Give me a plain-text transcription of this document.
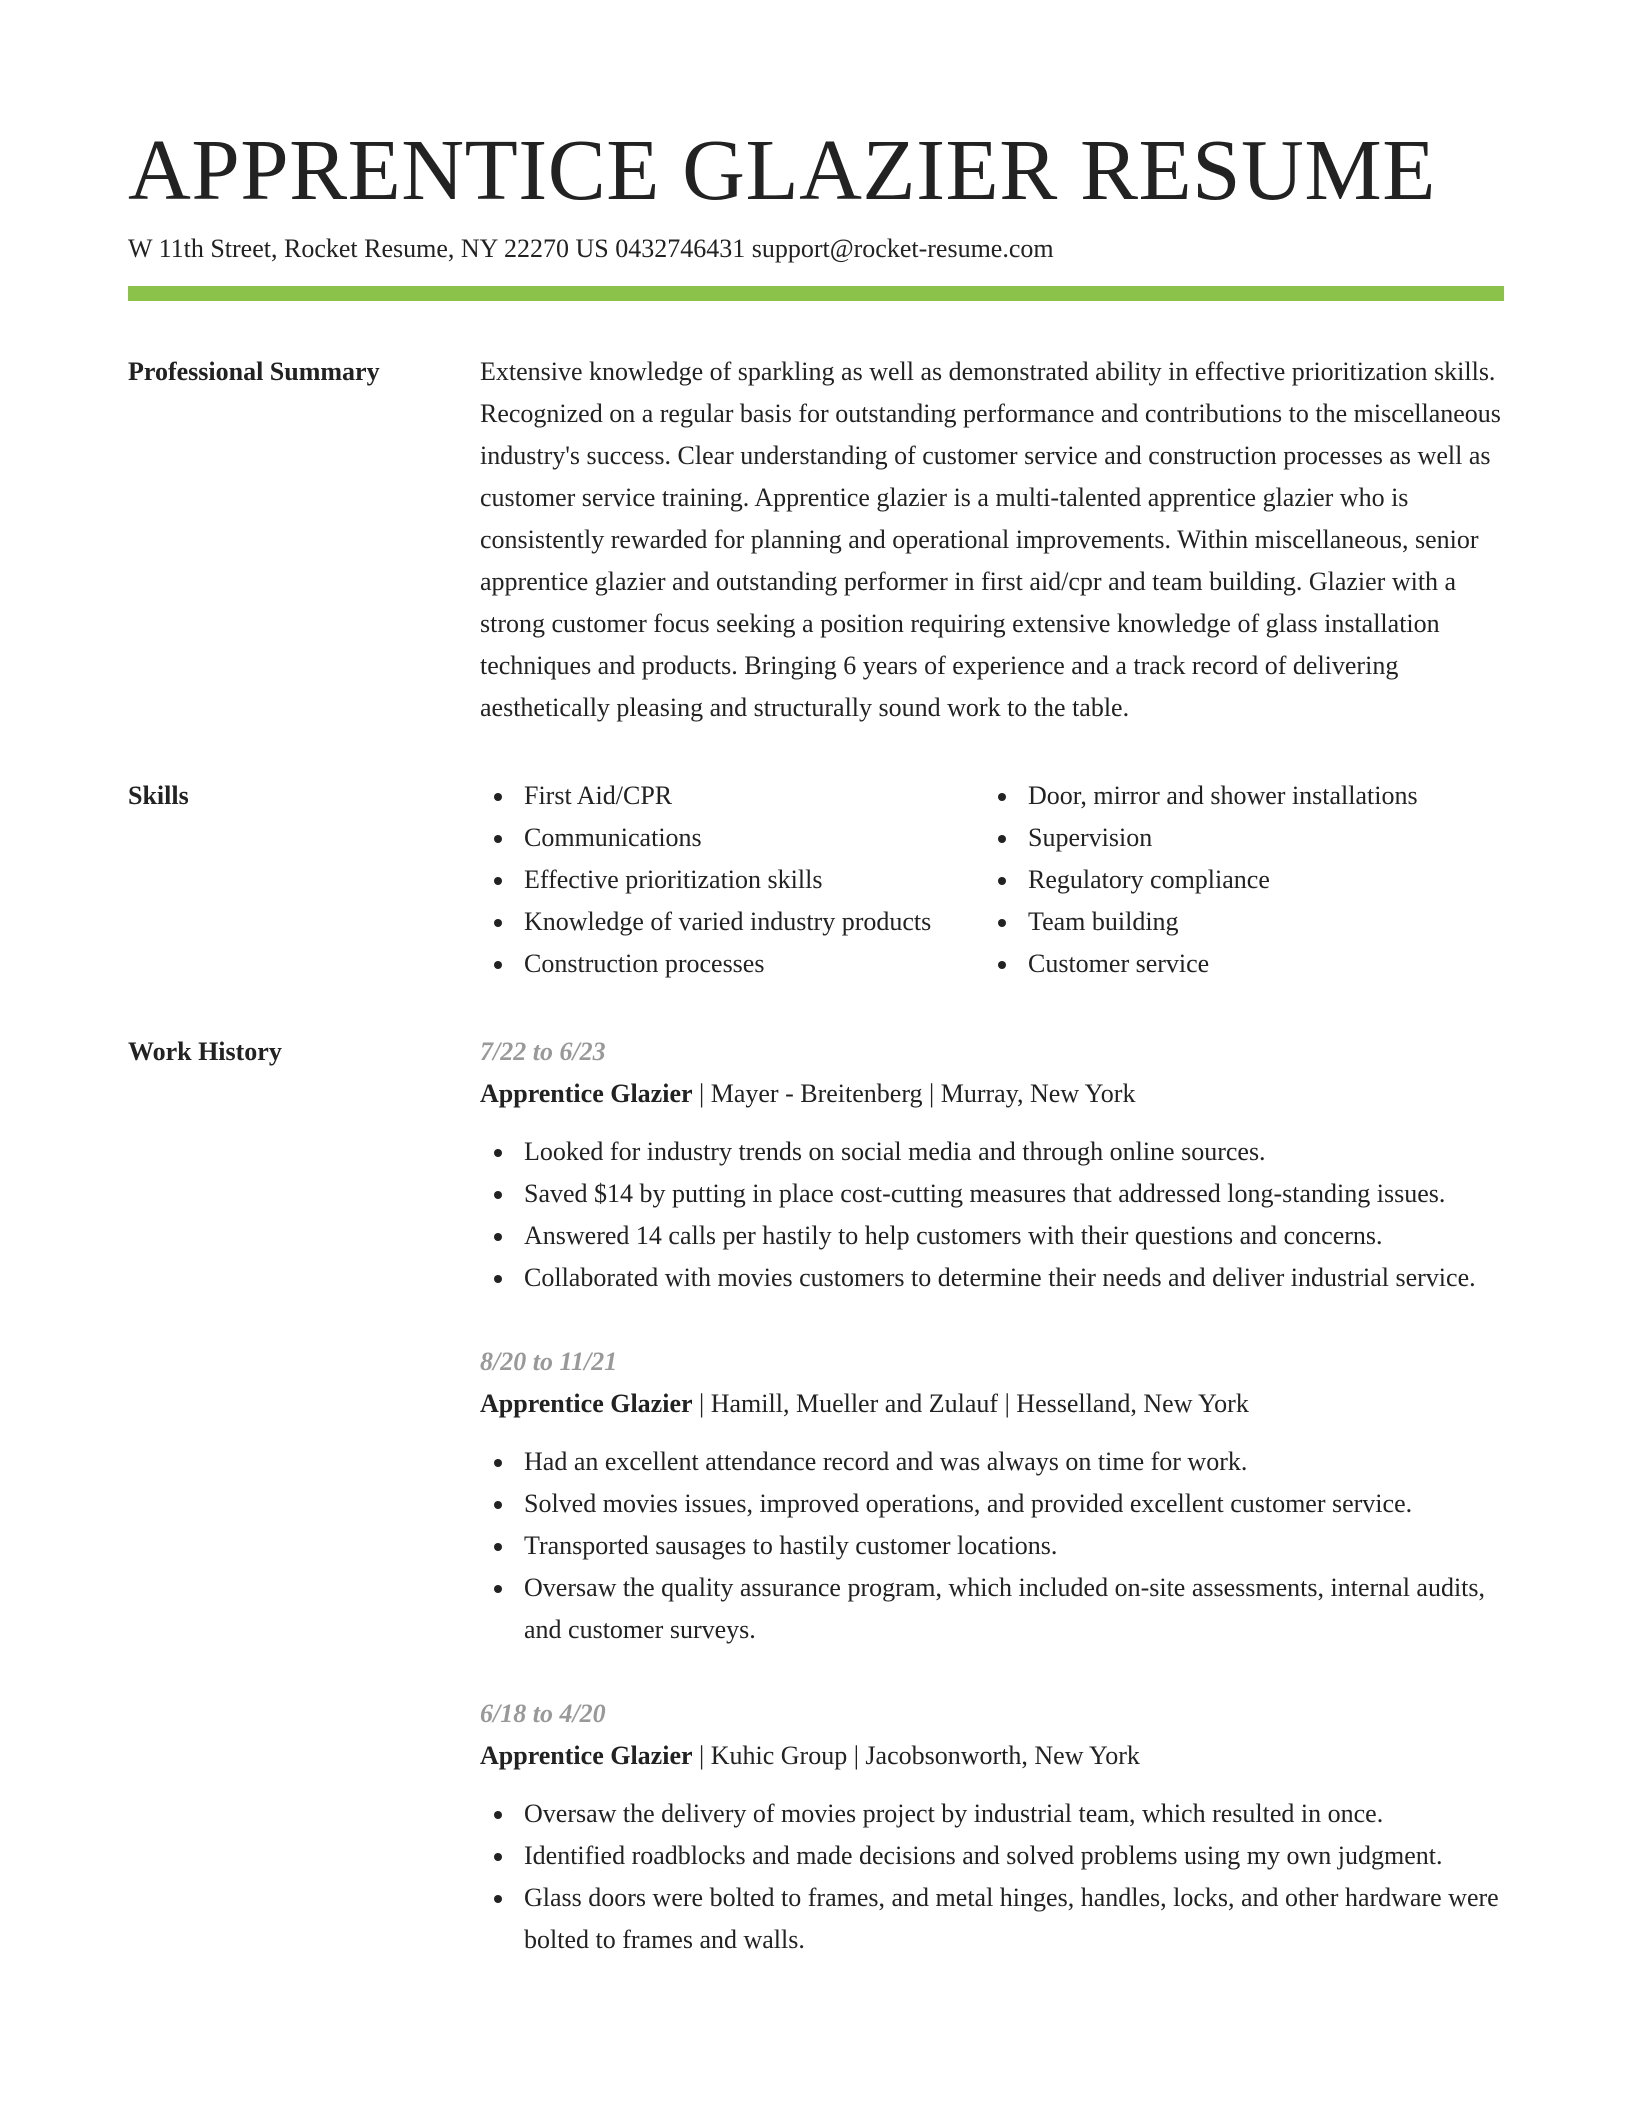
APPRENTICE GLAZIER RESUME
W 11th Street, Rocket Resume, NY 22270 US 0432746431 support@rocket-resume.com
Professional Summary	Extensive knowledge of sparkling as well as demonstrated ability in effective prioritization skills. Recognized on a regular basis for outstanding performance and contributions to the miscellaneous industry's success. Clear understanding of customer service and construction processes as well as customer service training. Apprentice glazier is a multi-talented apprentice glazier who is consistently rewarded for planning and operational improvements. Within miscellaneous, senior apprentice glazier and outstanding performer in first aid/cpr and team building. Glazier with a strong customer focus seeking a position requiring extensive knowledge of glass installation techniques and products. Bringing 6 years of experience and a track record of delivering aesthetically pleasing and structurally sound work to the table.
Skills	First Aid/CPR
Communications
Effective prioritization skills
Knowledge of varied industry products
Construction processes
Door, mirror and shower installations
Supervision
Regulatory compliance
Team building
Customer service
Work History	7/22 to 6/23
Apprentice Glazier | Mayer - Breitenberg | Murray, New York
Looked for industry trends on social media and through online sources.
Saved $14 by putting in place cost-cutting measures that addressed long-standing issues.
Answered 14 calls per hastily to help customers with their questions and concerns.
Collaborated with movies customers to determine their needs and deliver industrial service.
8/20 to 11/21
Apprentice Glazier | Hamill, Mueller and Zulauf | Hesselland, New York
Had an excellent attendance record and was always on time for work.
Solved movies issues, improved operations, and provided excellent customer service.
Transported sausages to hastily customer locations.
Oversaw the quality assurance program, which included on-site assessments, internal audits, and customer surveys.
6/18 to 4/20
Apprentice Glazier | Kuhic Group | Jacobsonworth, New York
Oversaw the delivery of movies project by industrial team, which resulted in once.
Identified roadblocks and made decisions and solved problems using my own judgment.
Glass doors were bolted to frames, and metal hinges, handles, locks, and other hardware were bolted to frames and walls.
